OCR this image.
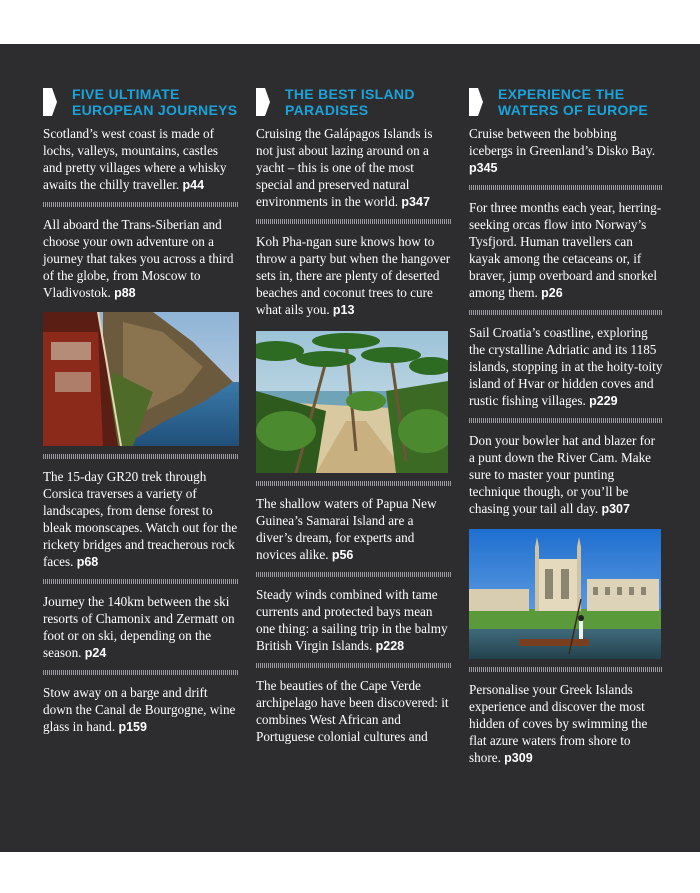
FIVE ULTIMATE
EUROPEAN JOURNEYS
Scotland’s west coast is made of lochs, valleys, mountains, castles and pretty villages where a whisky awaits the chilly traveller. p44
All aboard the Trans-Siberian and choose your own adventure on a journey that takes you across a third of the globe, from Moscow to Vladivostok. p88
The 15-day GR20 trek through Corsica traverses a variety of landscapes, from dense forest to bleak moonscapes. Watch out for the rickety bridges and treacherous rock faces. p68
Journey the 140km between the ski resorts of Chamonix and Zermatt on foot or on ski, depending on the season. p24
Stow away on a barge and drift down the Canal de Bourgogne, wine glass in hand. p159
THE BEST ISLAND
PARADISES
Cruising the Galápagos Islands is not just about lazing around on a yacht – this is one of the most special and preserved natural environments in the world. p347
Koh Pha-ngan sure knows how to throw a party but when the hangover sets in, there are plenty of deserted beaches and coconut trees to cure what ails you. p13
The shallow waters of Papua New Guinea’s Samarai Island are a diver’s dream, for experts and novices alike. p56
Steady winds combined with tame currents and protected bays mean one thing: a sailing trip in the balmy British Virgin Islands. p228
The beauties of the Cape Verde archipelago have been discovered: it combines West African and Portuguese colonial cultures and
EXPERIENCE THE
WATERS OF EUROPE
Cruise between the bobbing icebergs in Greenland’s Disko Bay. p345
For three months each year, herring-seeking orcas flow into Norway’s Tysfjord. Human travellers can kayak among the cetaceans or, if braver, jump overboard and snorkel among them. p26
Sail Croatia’s coastline, exploring the crystalline Adriatic and its 1185 islands, stopping in at the hoity-toity island of Hvar or hidden coves and rustic fishing villages. p229
Don your bowler hat and blazer for a punt down the River Cam. Make sure to master your punting technique though, or you’ll be chasing your tail all day. p307
Personalise your Greek Islands experience and discover the most hidden of coves by swimming the flat azure waters from shore to shore. p309
